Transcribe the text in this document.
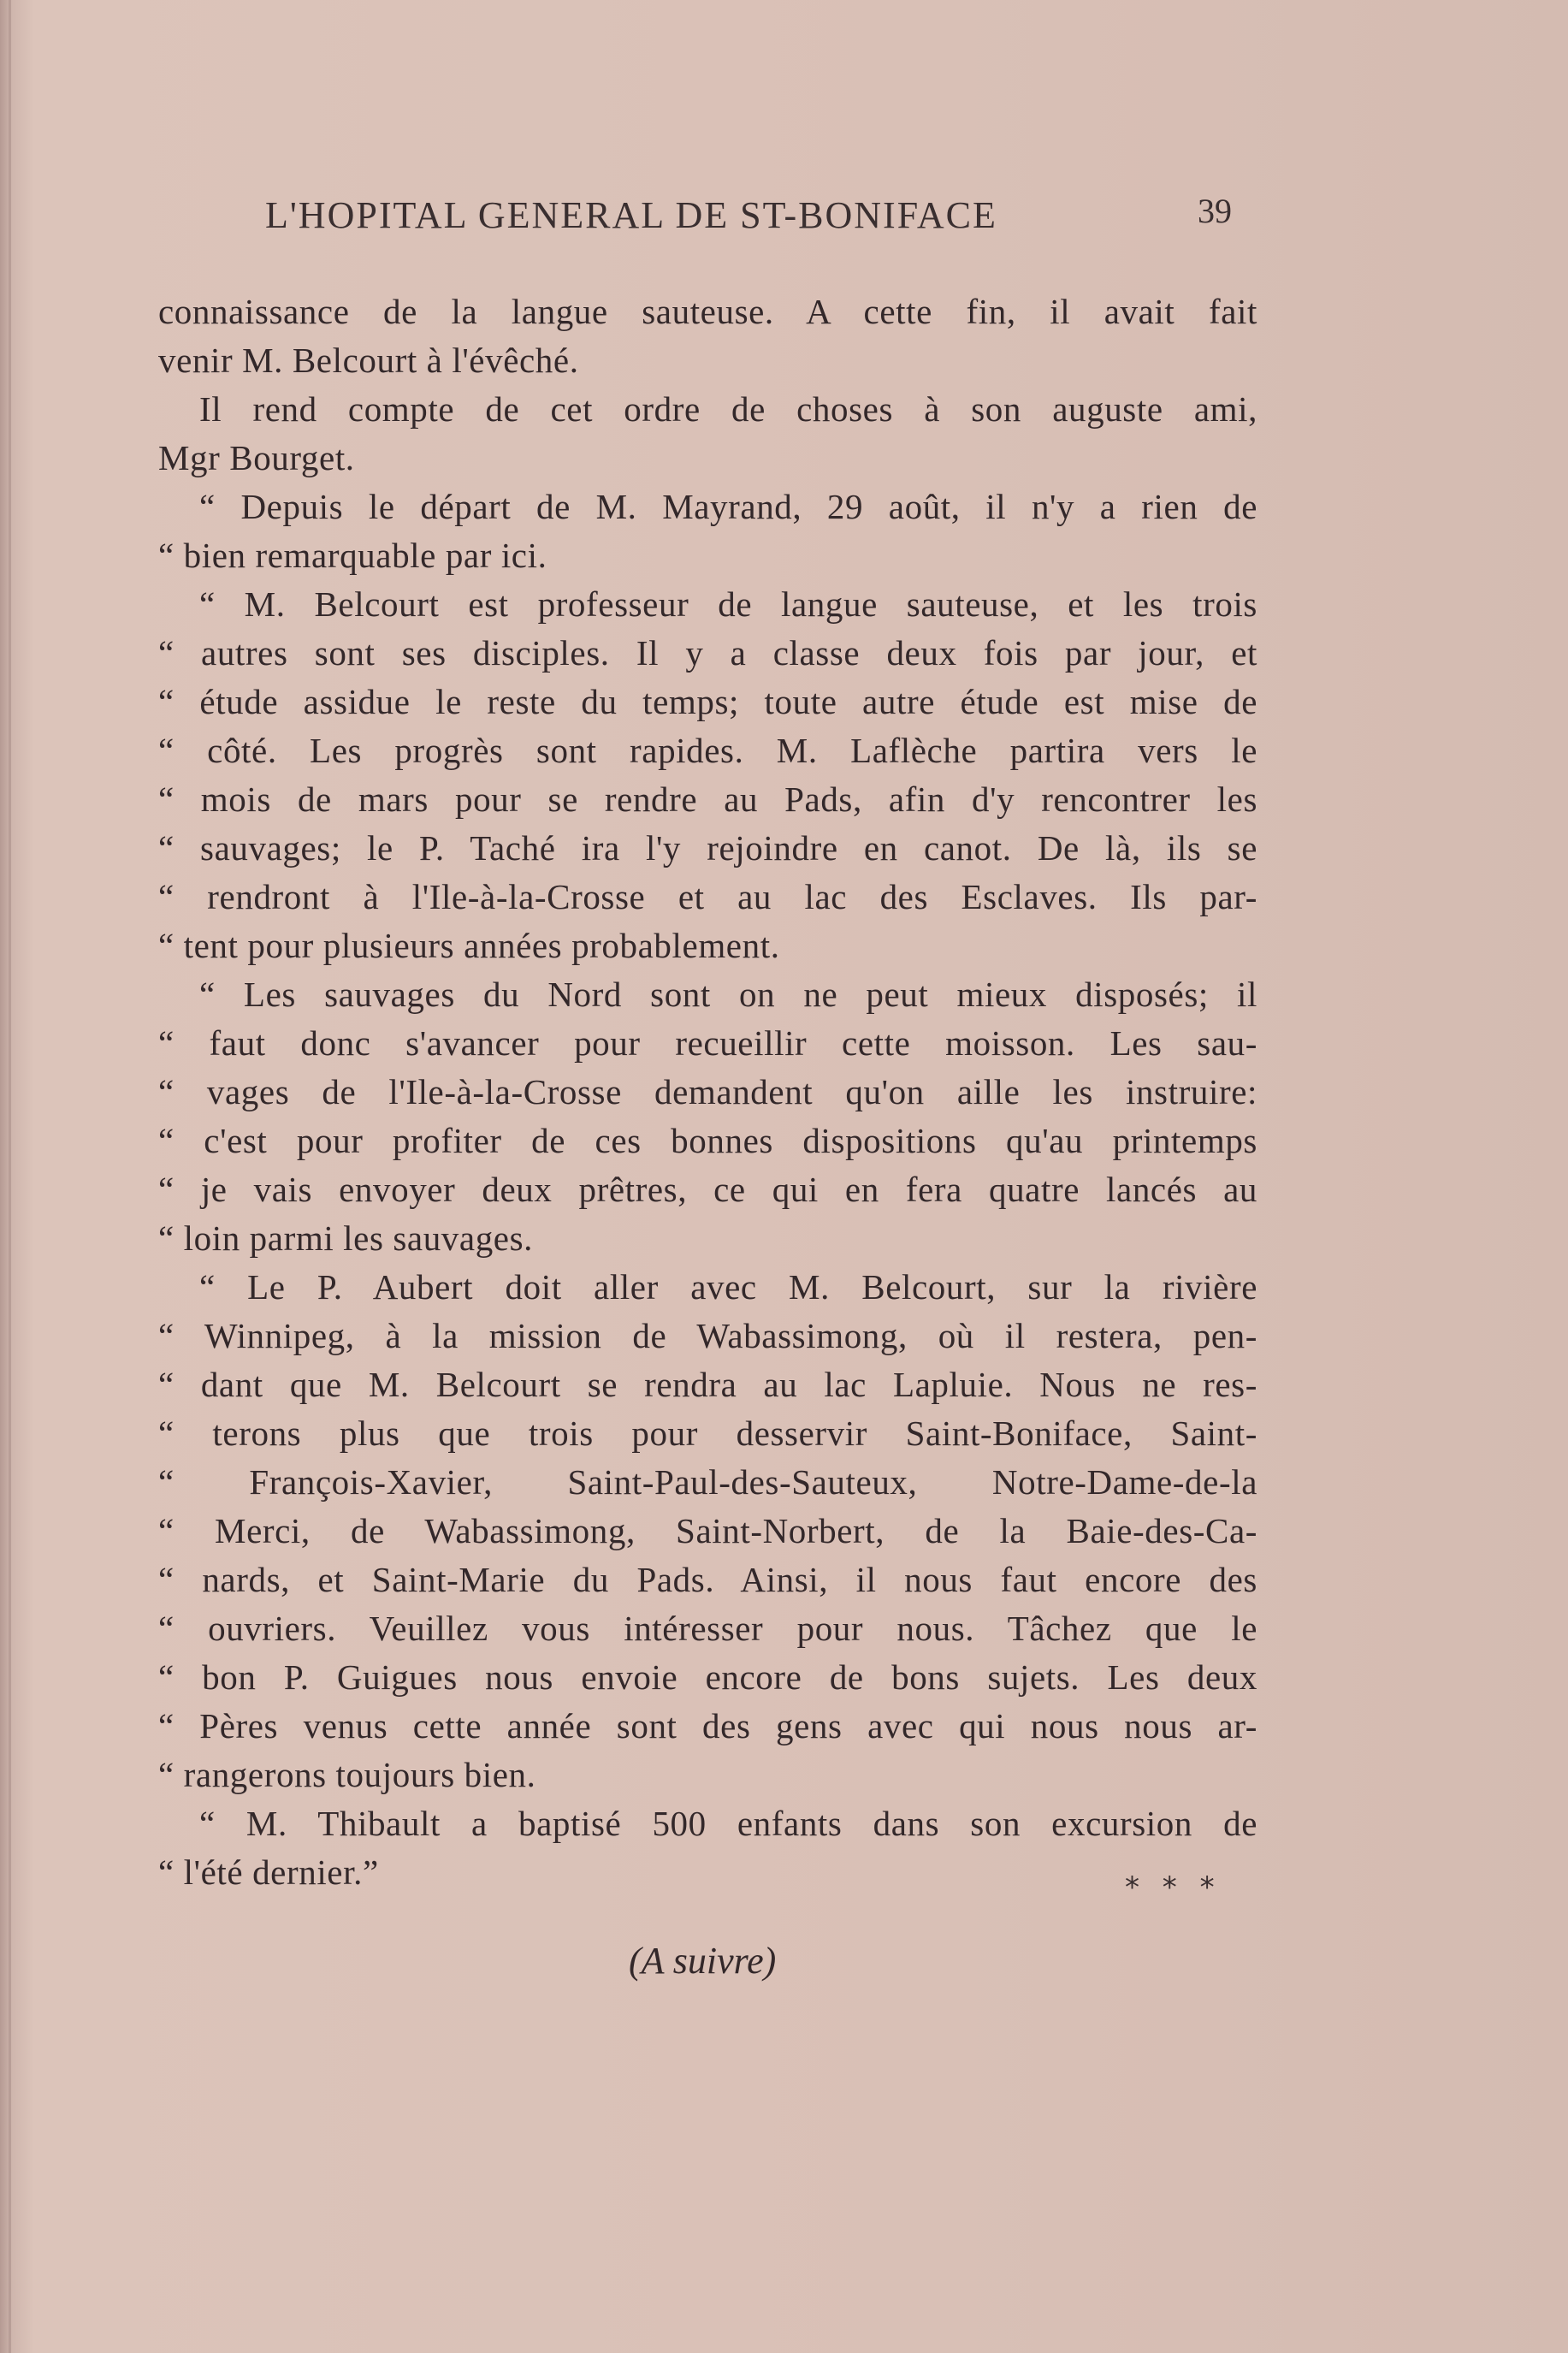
L'HOPITAL GENERAL DE ST-BONIFACE	39
connaissance de la langue sauteuse. A cette fin, il avait fait
venir M. Belcourt à l'évêché.
Il rend compte de cet ordre de choses à son auguste ami,
Mgr Bourget.
“ Depuis le départ de M. Mayrand, 29 août, il n'y a rien de
“ bien remarquable par ici.
“ M. Belcourt est professeur de langue sauteuse, et les trois
“ autres sont ses disciples. Il y a classe deux fois par jour, et
“ étude assidue le reste du temps; toute autre étude est mise de
“ côté. Les progrès sont rapides. M. Laflèche partira vers le
“ mois de mars pour se rendre au Pads, afin d'y rencontrer les
“ sauvages; le P. Taché ira l'y rejoindre en canot. De là, ils se
“ rendront à l'Ile-à-la-Crosse et au lac des Esclaves. Ils par-
“ tent pour plusieurs années probablement.
“ Les sauvages du Nord sont on ne peut mieux disposés; il
“ faut donc s'avancer pour recueillir cette moisson. Les sau-
“ vages de l'Ile-à-la-Crosse demandent qu'on aille les instruire:
“ c'est pour profiter de ces bonnes dispositions qu'au printemps
“ je vais envoyer deux prêtres, ce qui en fera quatre lancés au
“ loin parmi les sauvages.
“ Le P. Aubert doit aller avec M. Belcourt, sur la rivière
“ Winnipeg, à la mission de Wabassimong, où il restera, pen-
“ dant que M. Belcourt se rendra au lac Lapluie. Nous ne res-
“ terons plus que trois pour desservir Saint-Boniface, Saint-
“ François-Xavier, Saint-Paul-des-Sauteux, Notre-Dame-de-la
“ Merci, de Wabassimong, Saint-Norbert, de la Baie-des-Ca-
“ nards, et Saint-Marie du Pads. Ainsi, il nous faut encore des
“ ouvriers. Veuillez vous intéresser pour nous. Tâchez que le
“ bon P. Guigues nous envoie encore de bons sujets. Les deux
“ Pères venus cette année sont des gens avec qui nous nous ar-
“ rangerons toujours bien.
“ M. Thibault a baptisé 500 enfants dans son excursion de
“ l'été dernier.”	* * *
(A suivre)
